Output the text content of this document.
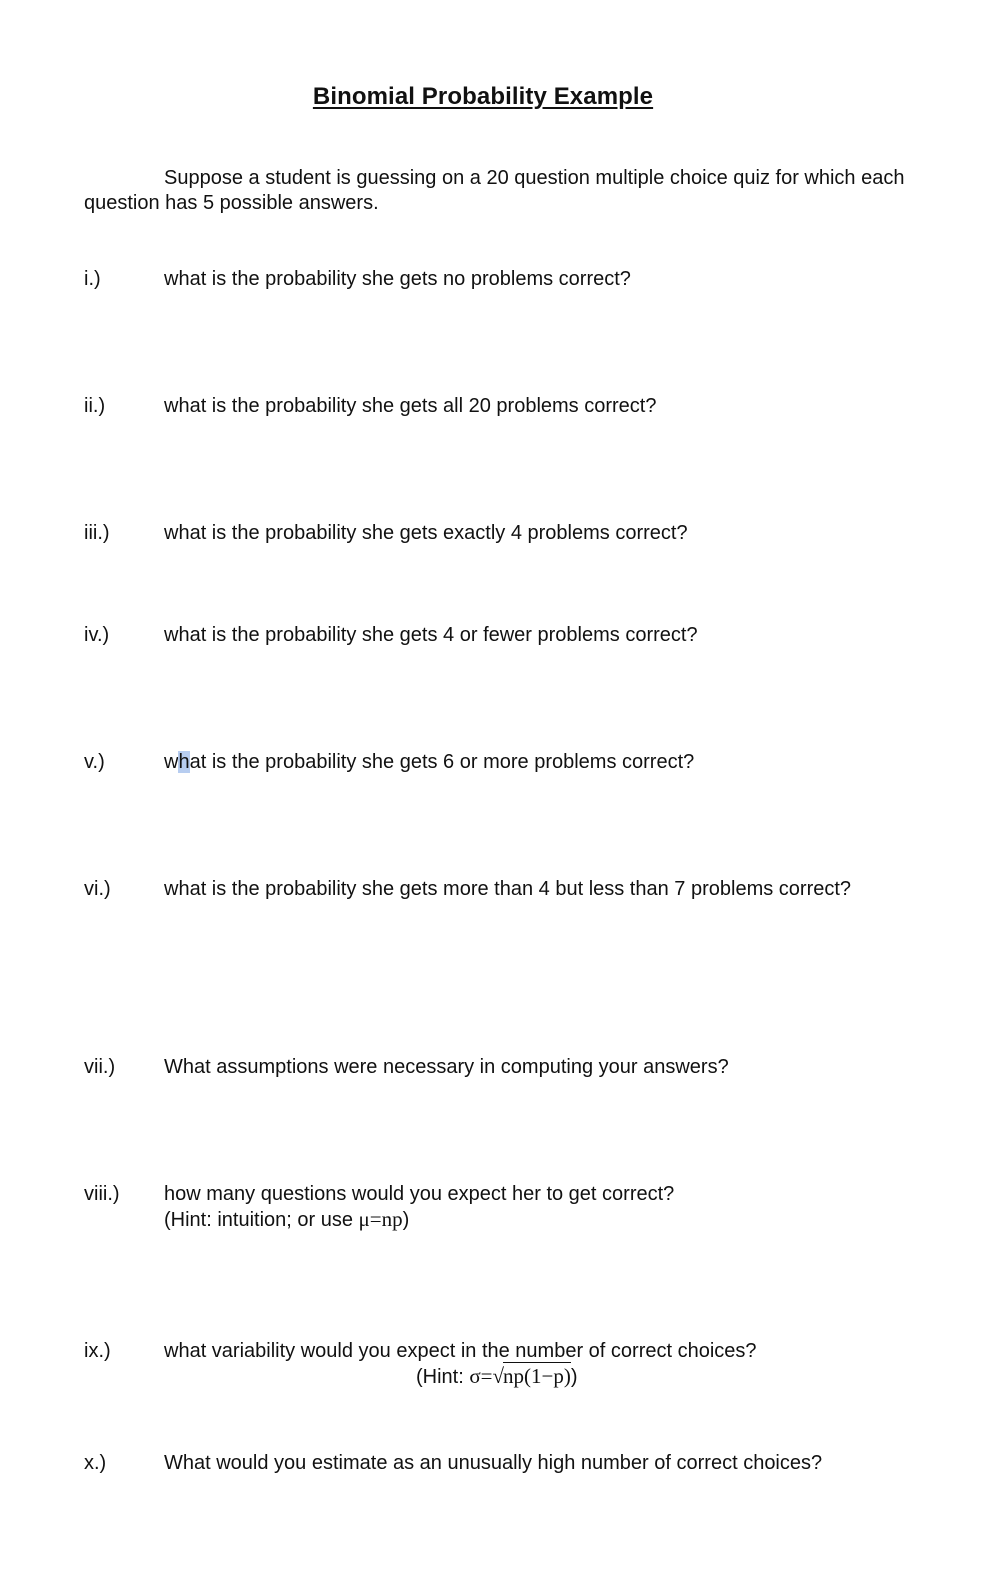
Binomial Probability Example
Suppose a student is guessing on a 20 question multiple choice quiz for which each question has 5 possible answers.
i.)	what is the probability she gets no problems correct?
ii.)	what is the probability she gets all 20 problems correct?
iii.)	what is the probability she gets exactly 4 problems correct?
iv.)	what is the probability she gets 4 or fewer problems correct?
v.)	what is the probability she gets 6 or more problems correct?
vi.)	what is the probability she gets more than 4 but less than 7 problems correct?
vii.) What assumptions were necessary in computing your answers?
viii.) how many questions would you expect her to get correct?
(Hint: intuition; or use μ=np)
ix.)	what variability would you expect in the number of correct choices?
(Hint: σ=√np(1−p))
x.)	What would you estimate as an unusually high number of correct choices?
